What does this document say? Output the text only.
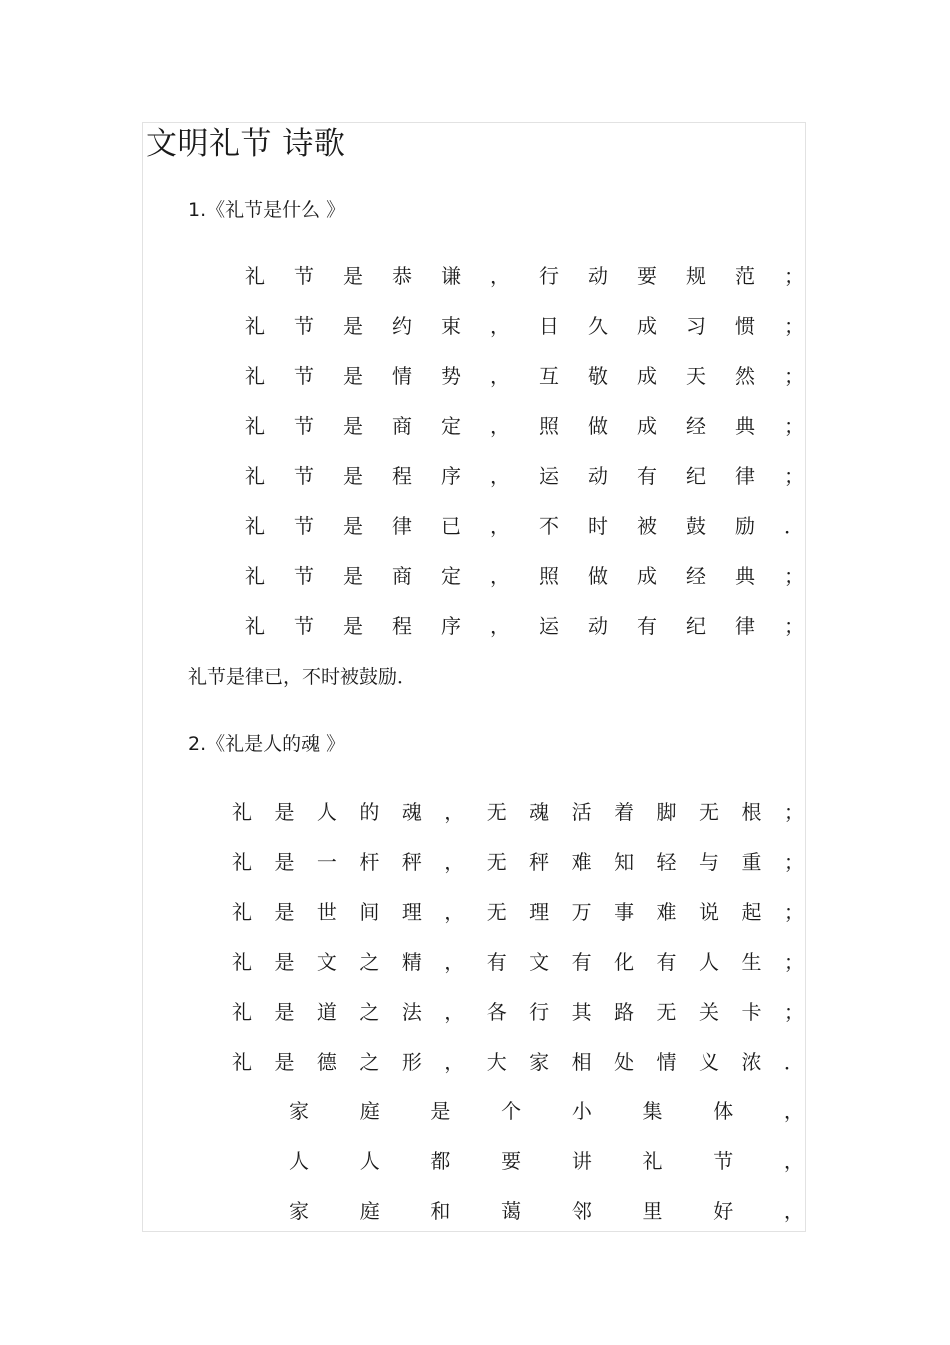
文明礼节 诗歌
1.《礼节是什么 》
礼 节 是 恭 谦 ， 行 动 要 规 范 ；
礼 节 是 约 束 ， 日 久 成 习 惯 ；
礼 节 是 情 势 ， 互 敬 成 天 然 ；
礼 节 是 商 定 ， 照 做 成 经 典 ；
礼 节 是 程 序 ， 运 动 有 纪 律 ；
礼 节 是 律 已 ， 不 时 被 鼓 励 ．
礼 节 是 商 定 ， 照 做 成 经 典 ；
礼 节 是 程 序 ， 运 动 有 纪 律 ；
礼节是律已，不时被鼓励．
2.《礼是人的魂 》
礼 是 人 的 魂 ， 无 魂 活 着 脚 无 根 ；
礼 是 一 杆 秤 ， 无 秤 难 知 轻 与 重 ；
礼 是 世 间 理 ， 无 理 万 事 难 说 起 ；
礼 是 文 之 精 ， 有 文 有 化 有 人 生 ；
礼 是 道 之 法 ， 各 行 其 路 无 关 卡 ；
礼 是 德 之 形 ， 大 家 相 处 情 义 浓 ．
家	庭	是	个	小	集	体	，
人	人	都	要	讲	礼	节	，
家	庭	和	蔼	邻	里	好	，
